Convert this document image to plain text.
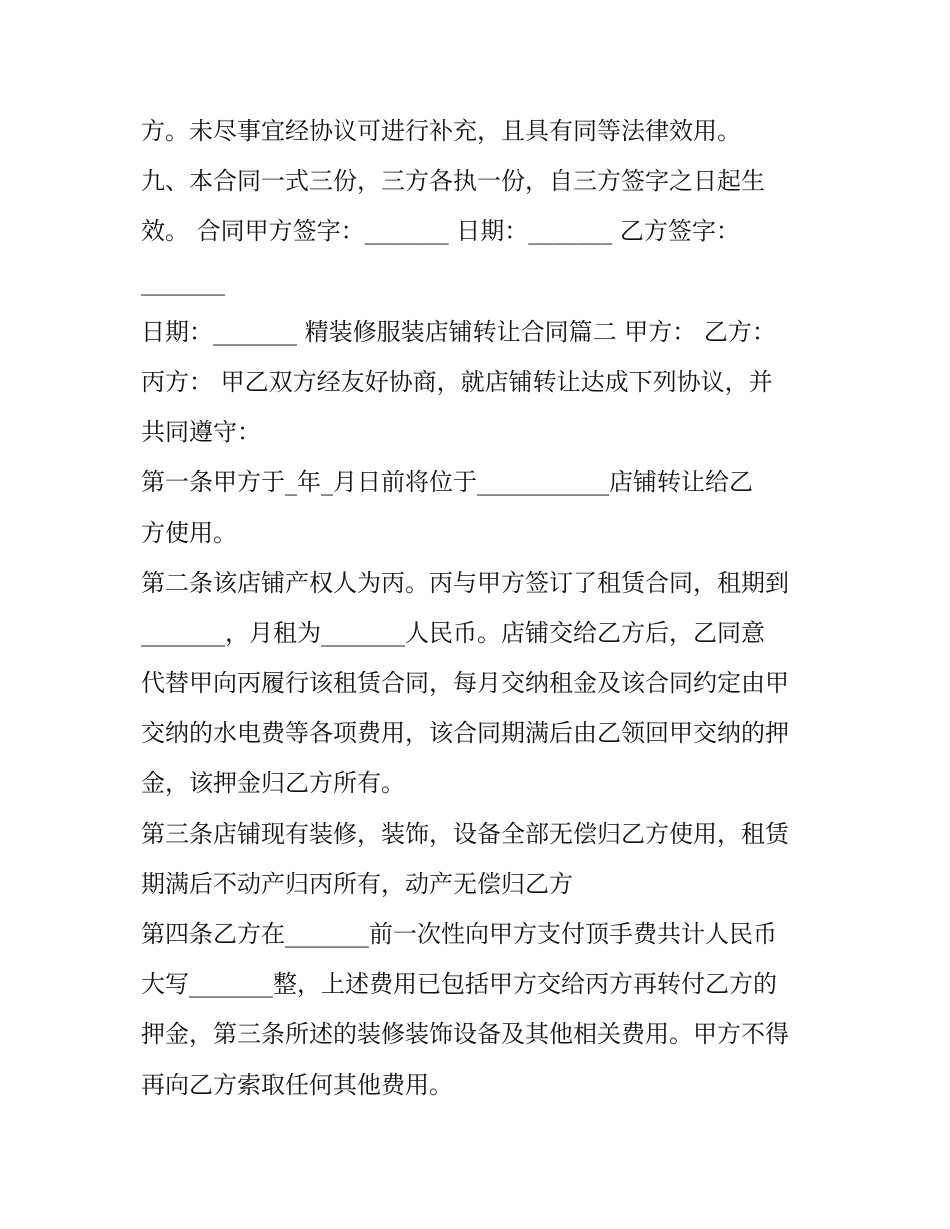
方。未尽事宜经协议可进行补充，且具有同等法律效用。
九、本合同一式三份，三方各执一份，自三方签字之日起生
效。 合同甲方签字：_______ 日期：_______ 乙方签字：
_______
日期：_______ 精装修服装店铺转让合同篇二 甲方： 乙方：
丙方： 甲乙双方经友好协商，就店铺转让达成下列协议，并
共同遵守：
第一条甲方于_年_月日前将位于___________店铺转让给乙
方使用。
第二条该店铺产权人为丙。丙与甲方签订了租赁合同，租期到
_______，月租为_______人民币。店铺交给乙方后，乙同意
代替甲向丙履行该租赁合同，每月交纳租金及该合同约定由甲
交纳的水电费等各项费用，该合同期满后由乙领回甲交纳的押
金，该押金归乙方所有。
第三条店铺现有装修，装饰，设备全部无偿归乙方使用，租赁
期满后不动产归丙所有，动产无偿归乙方
第四条乙方在_______前一次性向甲方支付顶手费共计人民币
大写_______整，上述费用已包括甲方交给丙方再转付乙方的
押金，第三条所述的装修装饰设备及其他相关费用。甲方不得
再向乙方索取任何其他费用。
